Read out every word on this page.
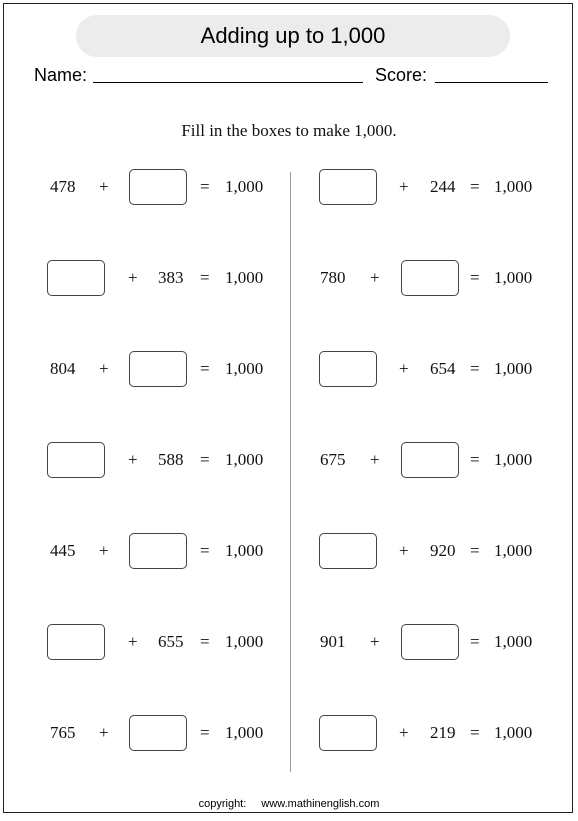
Adding up to 1,000
Name:	Score:
Fill in the boxes to make 1,000.
478 +	= 1,000
+ 383 = 1,000
804 +	= 1,000
+ 588 = 1,000
445 +	= 1,000
+ 655 = 1,000
765 +	= 1,000
+ 244 = 1,000
780 +	= 1,000
+ 654 = 1,000
675 +	= 1,000
+ 920 = 1,000
901 +	= 1,000
+ 219 = 1,000
copyright: www.mathinenglish.com
